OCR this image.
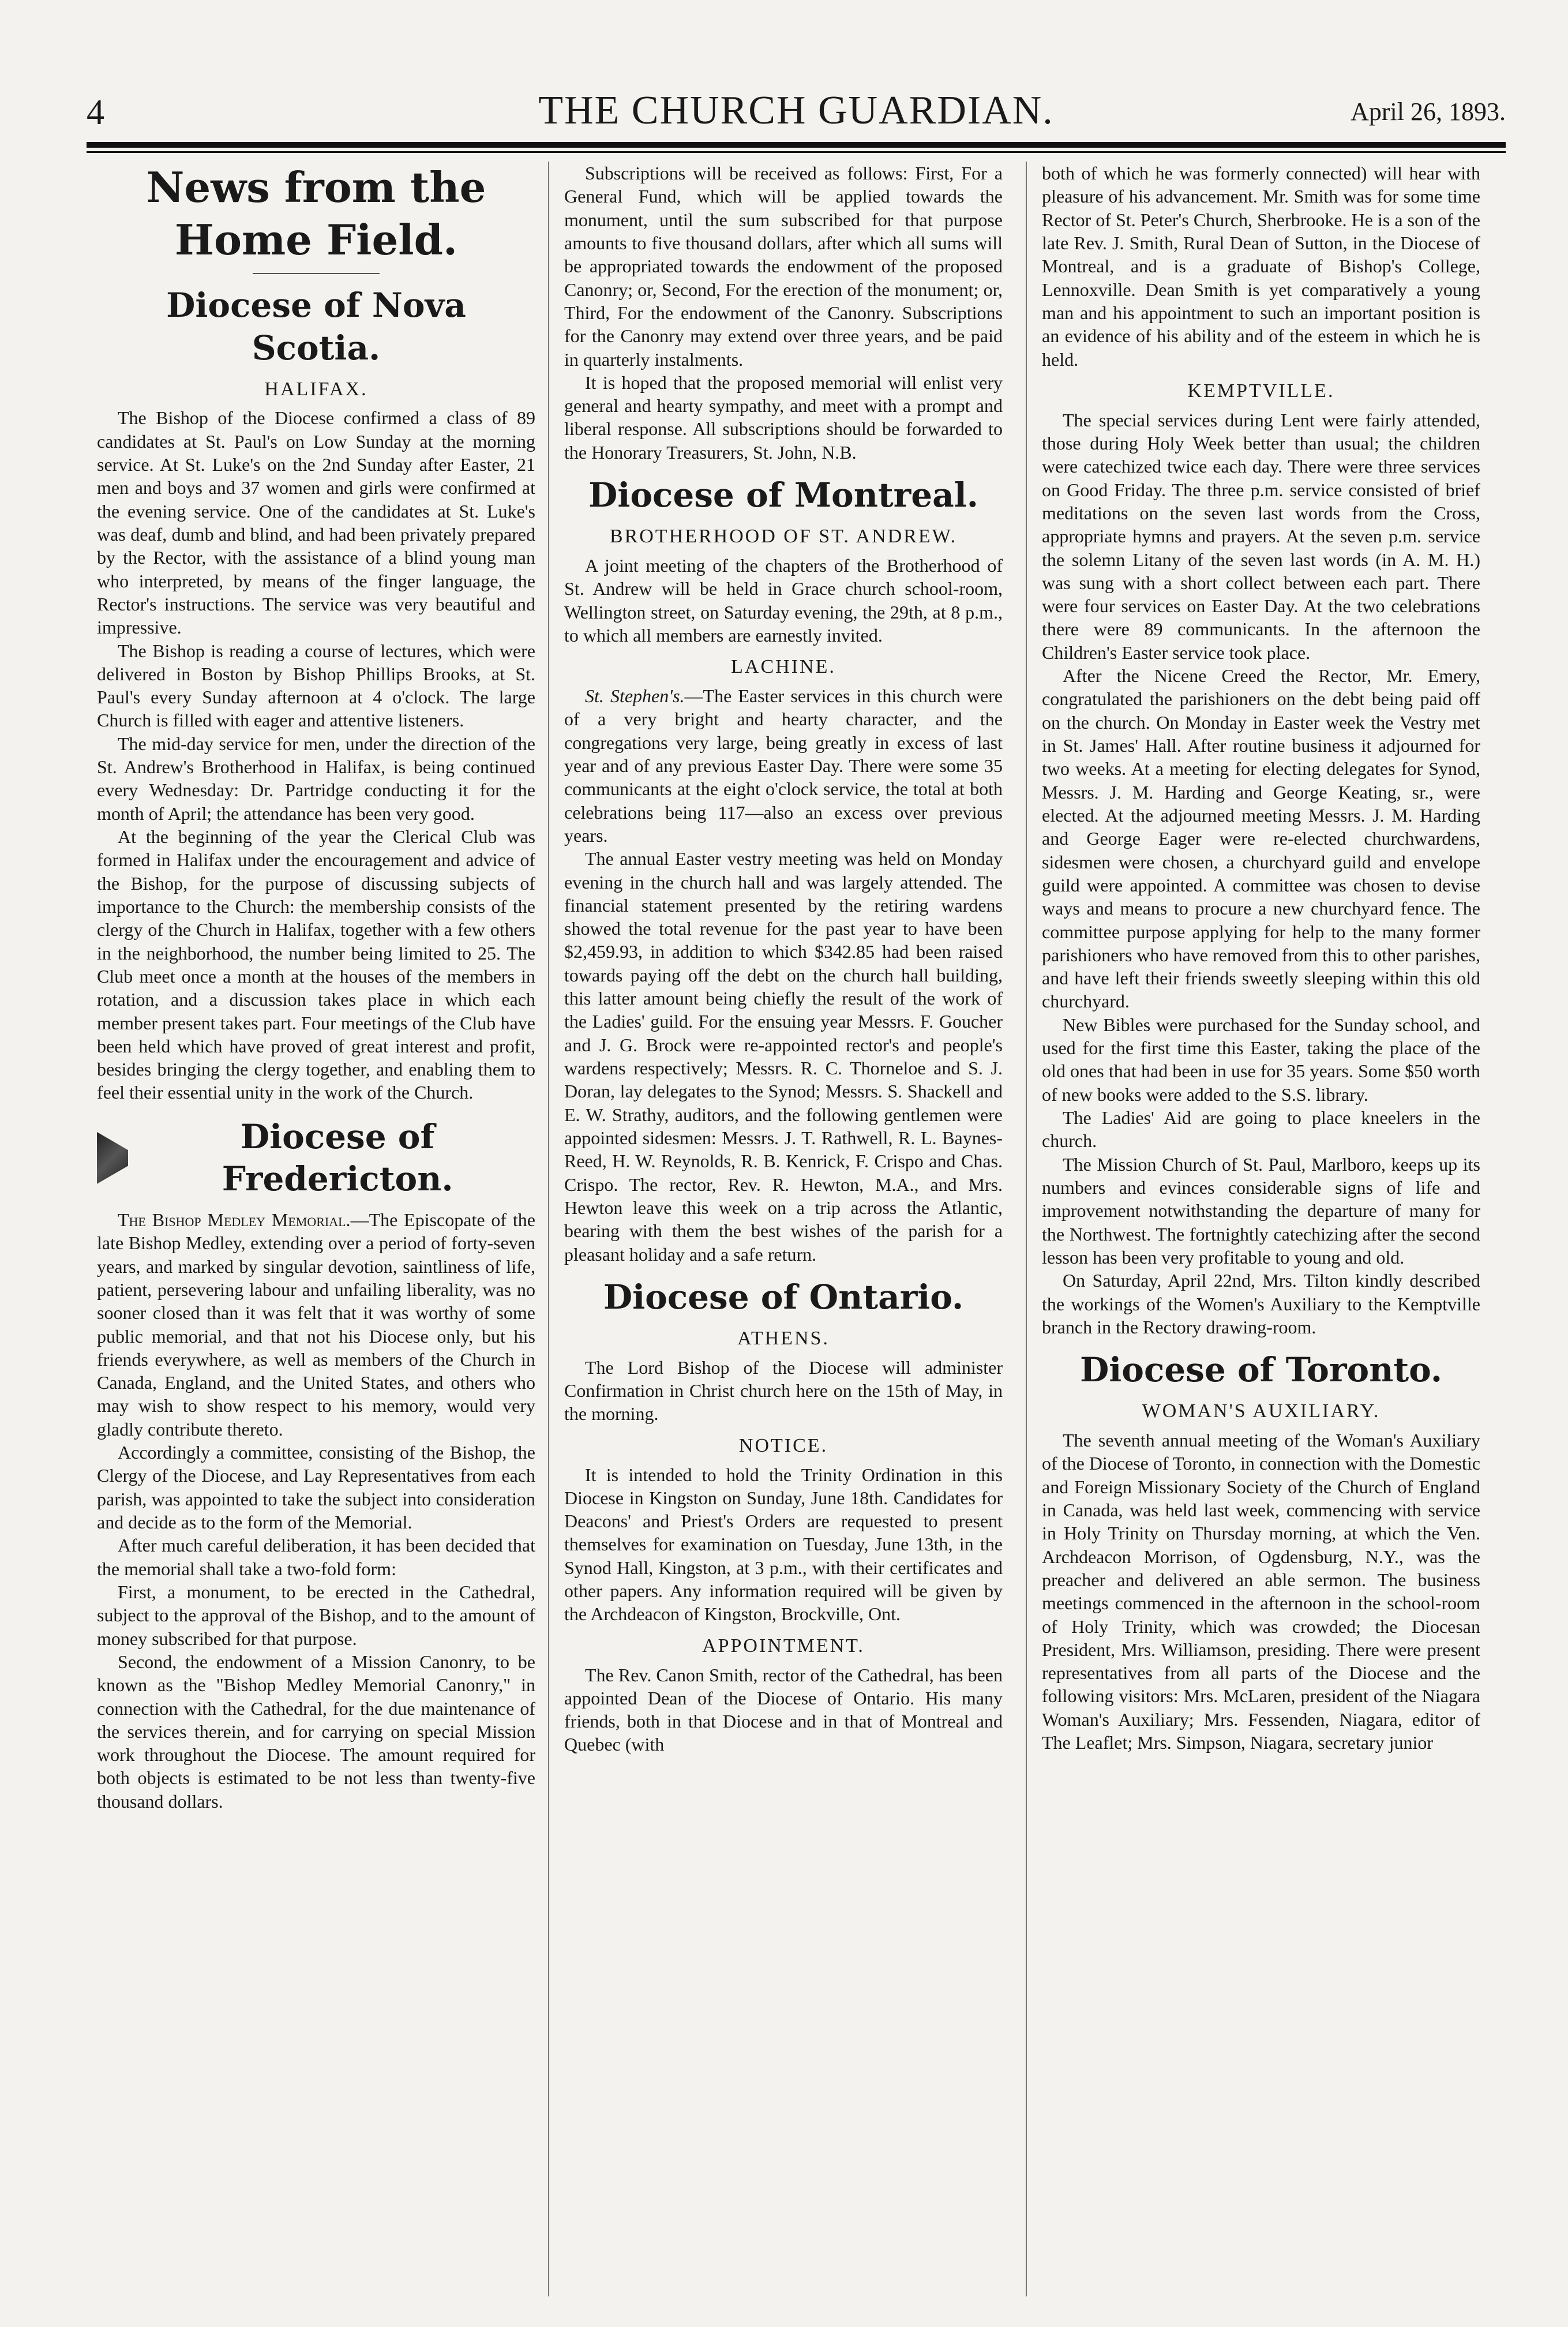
4	THE CHURCH GUARDIAN.	April 26, 1893.
News from the Home Field.
Diocese of Nova Scotia.
HALIFAX.

The Bishop of the Diocese confirmed a class of 89 candidates at St. Paul's on Low Sunday at the morning service. At St. Luke's on the 2nd Sunday after Easter, 21 men and boys and 37 women and girls were confirmed at the evening service. One of the candidates at St. Luke's was deaf, dumb and blind, and had been privately prepared by the Rector, with the assistance of a blind young man who interpreted, by means of the finger language, the Rector's instructions. The service was very beautiful and impressive.

The Bishop is reading a course of lectures, which were delivered in Boston by Bishop Phillips Brooks, at St. Paul's every Sunday afternoon at 4 o'clock. The large Church is filled with eager and attentive listeners.

The mid-day service for men, under the direction of the St. Andrew's Brotherhood in Halifax, is being continued every Wednesday: Dr. Partridge conducting it for the month of April; the attendance has been very good.

At the beginning of the year the Clerical Club was formed in Halifax under the encouragement and advice of the Bishop, for the purpose of discussing subjects of importance to the Church: the membership consists of the clergy of the Church in Halifax, together with a few others in the neighborhood, the number being limited to 25. The Club meet once a month at the houses of the members in rotation, and a discussion takes place in which each member present takes part. Four meetings of the Club have been held which have proved of great interest and profit, besides bringing the clergy together, and enabling them to feel their essential unity in the work of the Church.

Diocese of Fredericton.

The Bishop Medley Memorial.—The Episcopate of the late Bishop Medley, extending over a period of forty-seven years, and marked by singular devotion, saintliness of life, patient, persevering labour and unfailing liberality, was no sooner closed than it was felt that it was worthy of some public memorial, and that not his Diocese only, but his friends everywhere, as well as members of the Church in Canada, England, and the United States, and others who may wish to show respect to his memory, would very gladly contribute thereto.

Accordingly a committee, consisting of the Bishop, the Clergy of the Diocese, and Lay Representatives from each parish, was appointed to take the subject into consideration and decide as to the form of the Memorial.

After much careful deliberation, it has been decided that the memorial shall take a two-fold form:

First, a monument, to be erected in the Cathedral, subject to the approval of the Bishop, and to the amount of money subscribed for that purpose.

Second, the endowment of a Mission Canonry, to be known as the "Bishop Medley Memorial Canonry," in connection with the Cathedral, for the due maintenance of the services therein, and for carrying on special Mission work throughout the Diocese. The amount required for both objects is estimated to be not less than twenty-five thousand dollars.

Subscriptions will be received as follows: First, For a General Fund, which will be applied towards the monument, until the sum subscribed for that purpose amounts to five thousand dollars, after which all sums will be appropriated towards the endowment of the proposed Canonry; or, Second, For the erection of the monument; or, Third, For the endowment of the Canonry. Subscriptions for the Canonry may extend over three years, and be paid in quarterly instalments.

It is hoped that the proposed memorial will enlist very general and hearty sympathy, and meet with a prompt and liberal response. All subscriptions should be forwarded to the Honorary Treasurers, St. John, N.B.

Diocese of Montreal.
BROTHERHOOD OF ST. ANDREW.

A joint meeting of the chapters of the Brotherhood of St. Andrew will be held in Grace church school-room, Wellington street, on Saturday evening, the 29th, at 8 p.m., to which all members are earnestly invited.

LACHINE.

St. Stephen's.—The Easter services in this church were of a very bright and hearty character, and the congregations very large, being greatly in excess of last year and of any previous Easter Day. There were some 35 communicants at the eight o'clock service, the total at both celebrations being 117—also an excess over previous years.

The annual Easter vestry meeting was held on Monday evening in the church hall and was largely attended. The financial statement presented by the retiring wardens showed the total revenue for the past year to have been $2,459.93, in addition to which $342.85 had been raised towards paying off the debt on the church hall building, this latter amount being chiefly the result of the work of the Ladies' guild. For the ensuing year Messrs. F. Goucher and J. G. Brock were re-appointed rector's and people's wardens respectively; Messrs. R. C. Thorneloe and S. J. Doran, lay delegates to the Synod; Messrs. S. Shackell and E. W. Strathy, auditors, and the following gentlemen were appointed sidesmen: Messrs. J. T. Rathwell, R. L. Baynes-Reed, H. W. Reynolds, R. B. Kenrick, F. Crispo and Chas. Crispo. The rector, Rev. R. Hewton, M.A., and Mrs. Hewton leave this week on a trip across the Atlantic, bearing with them the best wishes of the parish for a pleasant holiday and a safe return.

Diocese of Ontario.
ATHENS.

The Lord Bishop of the Diocese will administer Confirmation in Christ church here on the 15th of May, in the morning.

NOTICE.

It is intended to hold the Trinity Ordination in this Diocese in Kingston on Sunday, June 18th. Candidates for Deacons' and Priest's Orders are requested to present themselves for examination on Tuesday, June 13th, in the Synod Hall, Kingston, at 3 p.m., with their certificates and other papers. Any information required will be given by the Archdeacon of Kingston, Brockville, Ont.

APPOINTMENT.

The Rev. Canon Smith, rector of the Cathedral, has been appointed Dean of the Diocese of Ontario. His many friends, both in that Diocese and in that of Montreal and Quebec (with

both of which he was formerly connected) will hear with pleasure of his advancement. Mr. Smith was for some time Rector of St. Peter's Church, Sherbrooke. He is a son of the late Rev. J. Smith, Rural Dean of Sutton, in the Diocese of Montreal, and is a graduate of Bishop's College, Lennoxville. Dean Smith is yet comparatively a young man and his appointment to such an important position is an evidence of his ability and of the esteem in which he is held.

KEMPTVILLE.

The special services during Lent were fairly attended, those during Holy Week better than usual; the children were catechized twice each day. There were three services on Good Friday. The three p.m. service consisted of brief meditations on the seven last words from the Cross, appropriate hymns and prayers. At the seven p.m. service the solemn Litany of the seven last words (in A. M. H.) was sung with a short collect between each part. There were four services on Easter Day. At the two celebrations there were 89 communicants. In the afternoon the Children's Easter service took place.

After the Nicene Creed the Rector, Mr. Emery, congratulated the parishioners on the debt being paid off on the church. On Monday in Easter week the Vestry met in St. James' Hall. After routine business it adjourned for two weeks. At a meeting for electing delegates for Synod, Messrs. J. M. Harding and George Keating, sr., were elected. At the adjourned meeting Messrs. J. M. Harding and George Eager were re-elected churchwardens, sidesmen were chosen, a churchyard guild and envelope guild were appointed. A committee was chosen to devise ways and means to procure a new churchyard fence. The committee purpose applying for help to the many former parishioners who have removed from this to other parishes, and have left their friends sweetly sleeping within this old churchyard.

New Bibles were purchased for the Sunday school, and used for the first time this Easter, taking the place of the old ones that had been in use for 35 years. Some $50 worth of new books were added to the S.S. library.

The Ladies' Aid are going to place kneelers in the church.

The Mission Church of St. Paul, Marlboro, keeps up its numbers and evinces considerable signs of life and improvement notwithstanding the departure of many for the Northwest. The fortnightly catechizing after the second lesson has been very profitable to young and old.

On Saturday, April 22nd, Mrs. Tilton kindly described the workings of the Women's Auxiliary to the Kemptville branch in the Rectory drawing-room.

Diocese of Toronto.
WOMAN'S AUXILIARY.

The seventh annual meeting of the Woman's Auxiliary of the Diocese of Toronto, in connection with the Domestic and Foreign Missionary Society of the Church of England in Canada, was held last week, commencing with service in Holy Trinity on Thursday morning, at which the Ven. Archdeacon Morrison, of Ogdensburg, N.Y., was the preacher and delivered an able sermon. The business meetings commenced in the afternoon in the school-room of Holy Trinity, which was crowded; the Diocesan President, Mrs. Williamson, presiding. There were present representatives from all parts of the Diocese and the following visitors: Mrs. McLaren, president of the Niagara Woman's Auxiliary; Mrs. Fessenden, Niagara, editor of The Leaflet; Mrs. Simpson, Niagara, secretary junior
